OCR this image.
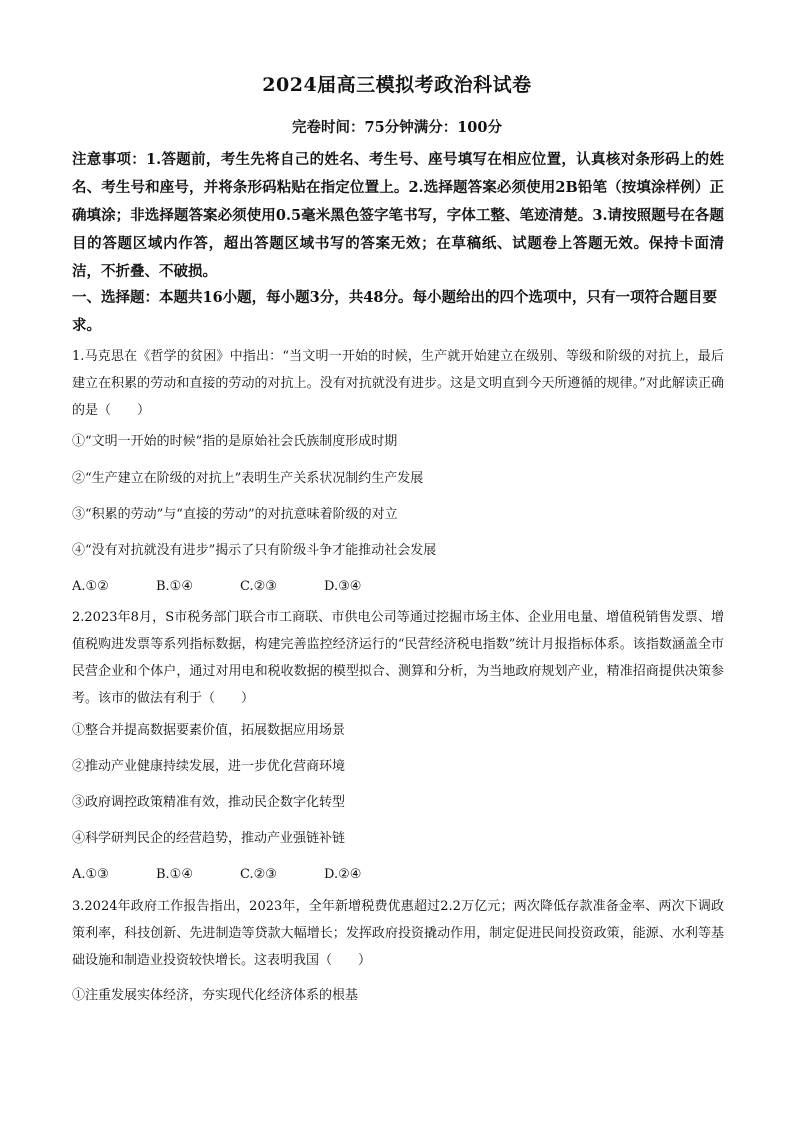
2024届高三模拟考政治科试卷
完卷时间：75分钟满分：100分
注意事项：1.答题前，考生先将自己的姓名、考生号、座号填写在相应位置，认真核对条形码上的姓名、考生号和座号，并将条形码粘贴在指定位置上。2.选择题答案必须使用2B铅笔（按填涂样例）正确填涂；非选择题答案必须使用0.5毫米黑色签字笔书写，字体工整、笔迹清楚。3.请按照题号在各题目的答题区域内作答，超出答题区域书写的答案无效；在草稿纸、试题卷上答题无效。保持卡面清洁，不折叠、不破损。
一、选择题：本题共16小题，每小题3分，共48分。每小题给出的四个选项中，只有一项符合题目要求。
1.马克思在《哲学的贫困》中指出：“当文明一开始的时候，生产就开始建立在级别、等级和阶级的对抗上，最后建立在积累的劳动和直接的劳动的对抗上。没有对抗就没有进步。这是文明直到今天所遵循的规律。”对此解读正确的是（　　）
①“文明一开始的时候”指的是原始社会氏族制度形成时期
②“生产建立在阶级的对抗上”表明生产关系状况制约生产发展
③“积累的劳动”与“直接的劳动”的对抗意味着阶级的对立
④“没有对抗就没有进步”揭示了只有阶级斗争才能推动社会发展
A.①②	B.①④	C.②③	D.③④
2.2023年8月，S市税务部门联合市工商联、市供电公司等通过挖掘市场主体、企业用电量、增值税销售发票、增值税购进发票等系列指标数据，构建完善监控经济运行的“民营经济税电指数”统计月报指标体系。该指数涵盖全市民营企业和个体户，通过对用电和税收数据的模型拟合、测算和分析，为当地政府规划产业，精准招商提供决策参考。该市的做法有利于（　　）
①整合并提高数据要素价值，拓展数据应用场景
②推动产业健康持续发展，进一步优化营商环境
③政府调控政策精准有效，推动民企数字化转型
④科学研判民企的经营趋势，推动产业强链补链
A.①③	B.①④	C.②③	D.②④
3.2024年政府工作报告指出，2023年，全年新增税费优惠超过2.2万亿元；两次降低存款准备金率、两次下调政策利率，科技创新、先进制造等贷款大幅增长；发挥政府投资撬动作用，制定促进民间投资政策，能源、水利等基础设施和制造业投资较快增长。这表明我国（　　）
①注重发展实体经济，夯实现代化经济体系的根基
